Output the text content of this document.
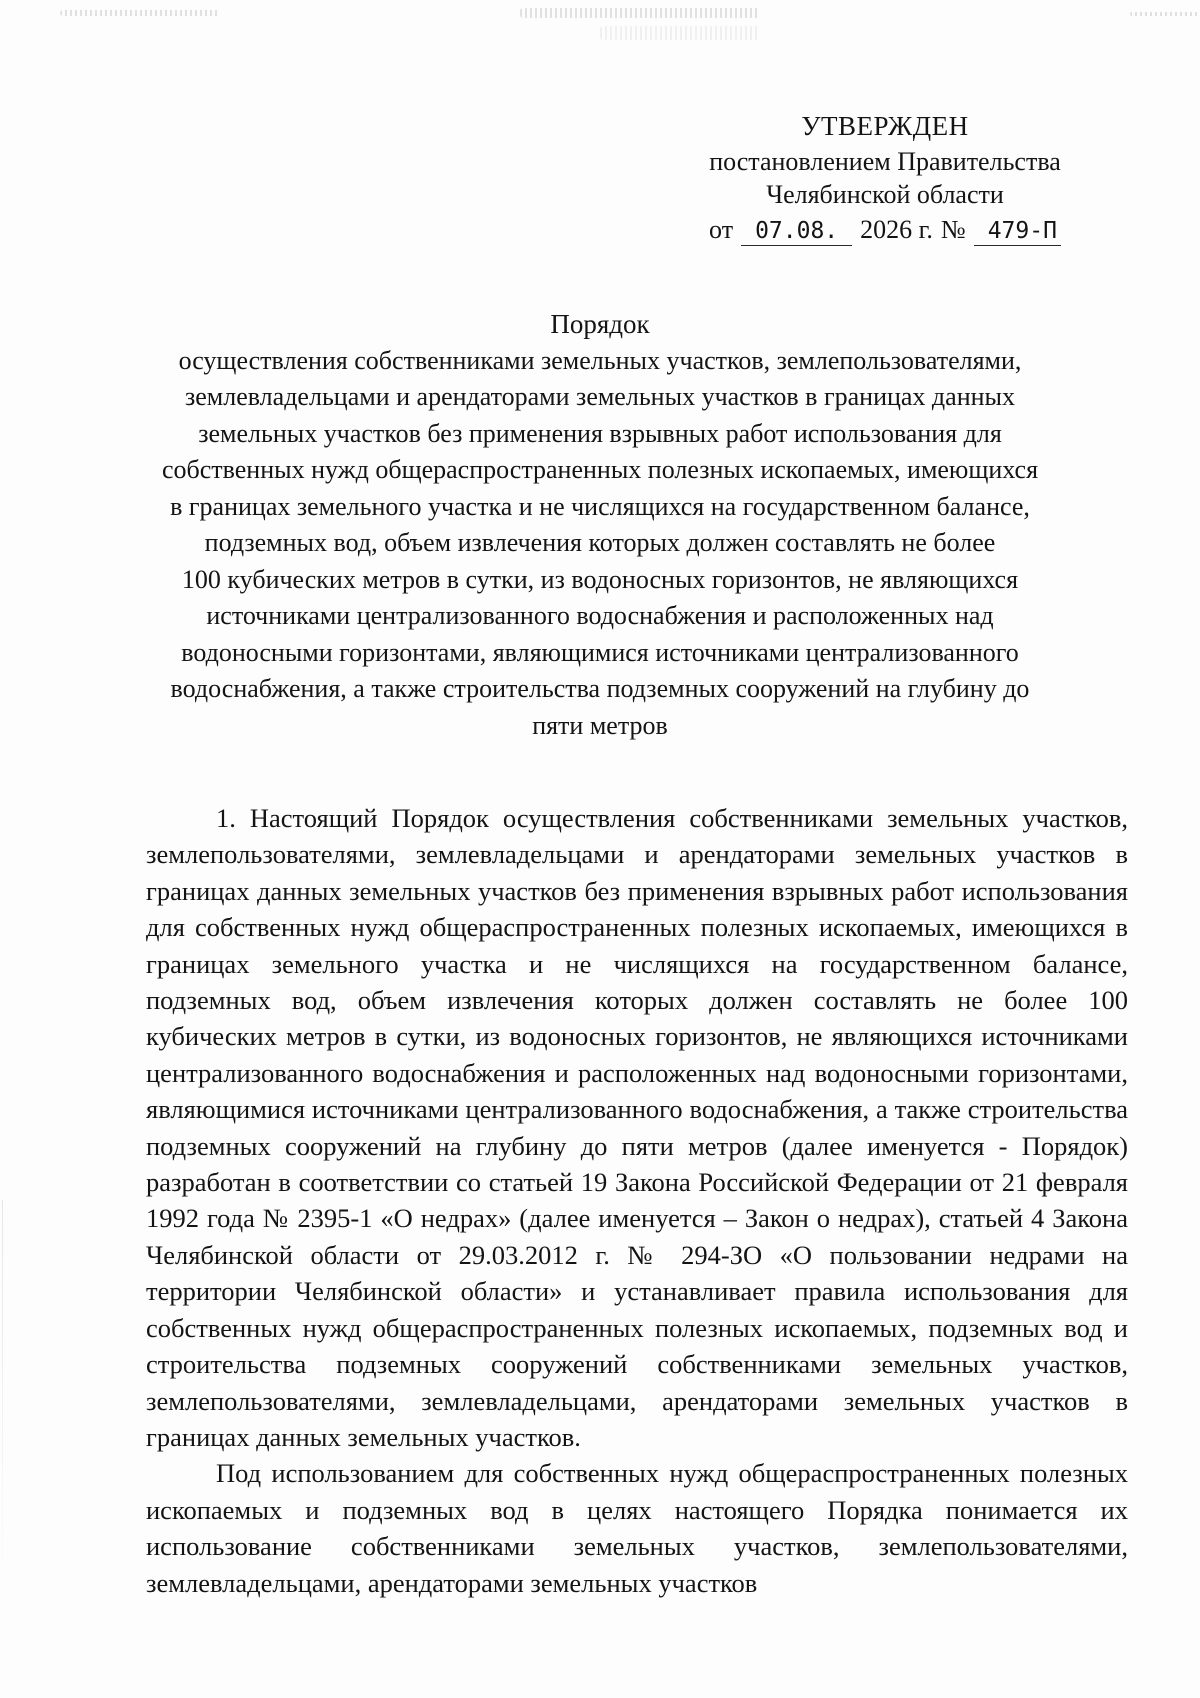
УТВЕРЖДЕН
постановлением Правительства
Челябинской области
от 07.08. 2026 г. № 479-П
Порядок
осуществления собственниками земельных участков, землепользователями,
землевладельцами и арендаторами земельных участков в границах данных
земельных участков без применения взрывных работ использования для
собственных нужд общераспространенных полезных ископаемых, имеющихся
в границах земельного участка и не числящихся на государственном балансе,
подземных вод, объем извлечения которых должен составлять не более
100 кубических метров в сутки, из водоносных горизонтов, не являющихся
источниками централизованного водоснабжения и расположенных над
водоносными горизонтами, являющимися источниками централизованного
водоснабжения, а также строительства подземных сооружений на глубину до
пяти метров

1. Настоящий Порядок осуществления собственниками земельных участков, землепользователями, землевладельцами и арендаторами земельных участков в границах данных земельных участков без применения взрывных работ использования для собственных нужд общераспространенных полезных ископаемых, имеющихся в границах земельного участка и не числящихся на государственном балансе, подземных вод, объем извлечения которых должен составлять не более 100 кубических метров в сутки, из водоносных горизонтов, не являющихся источниками централизованного водоснабжения и расположенных над водоносными горизонтами, являющимися источниками централизованного водоснабжения, а также строительства подземных сооружений на глубину до пяти метров (далее именуется - Порядок) разработан в соответствии со статьей 19 Закона Российской Федерации от 21 февраля 1992 года № 2395-1 «О недрах» (далее именуется – Закон о недрах), статьей 4 Закона Челябинской области от 29.03.2012 г. № 294-ЗО «О пользовании недрами на территории Челябинской области» и устанавливает правила использования для собственных нужд общераспространенных полезных ископаемых, подземных вод и строительства подземных сооружений собственниками земельных участков, землепользователями, землевладельцами, арендаторами земельных участков в границах данных земельных участков.

Под использованием для собственных нужд общераспространенных полезных ископаемых и подземных вод в целях настоящего Порядка понимается их использование собственниками земельных участков, землепользователями, землевладельцами, арендаторами земельных участков
